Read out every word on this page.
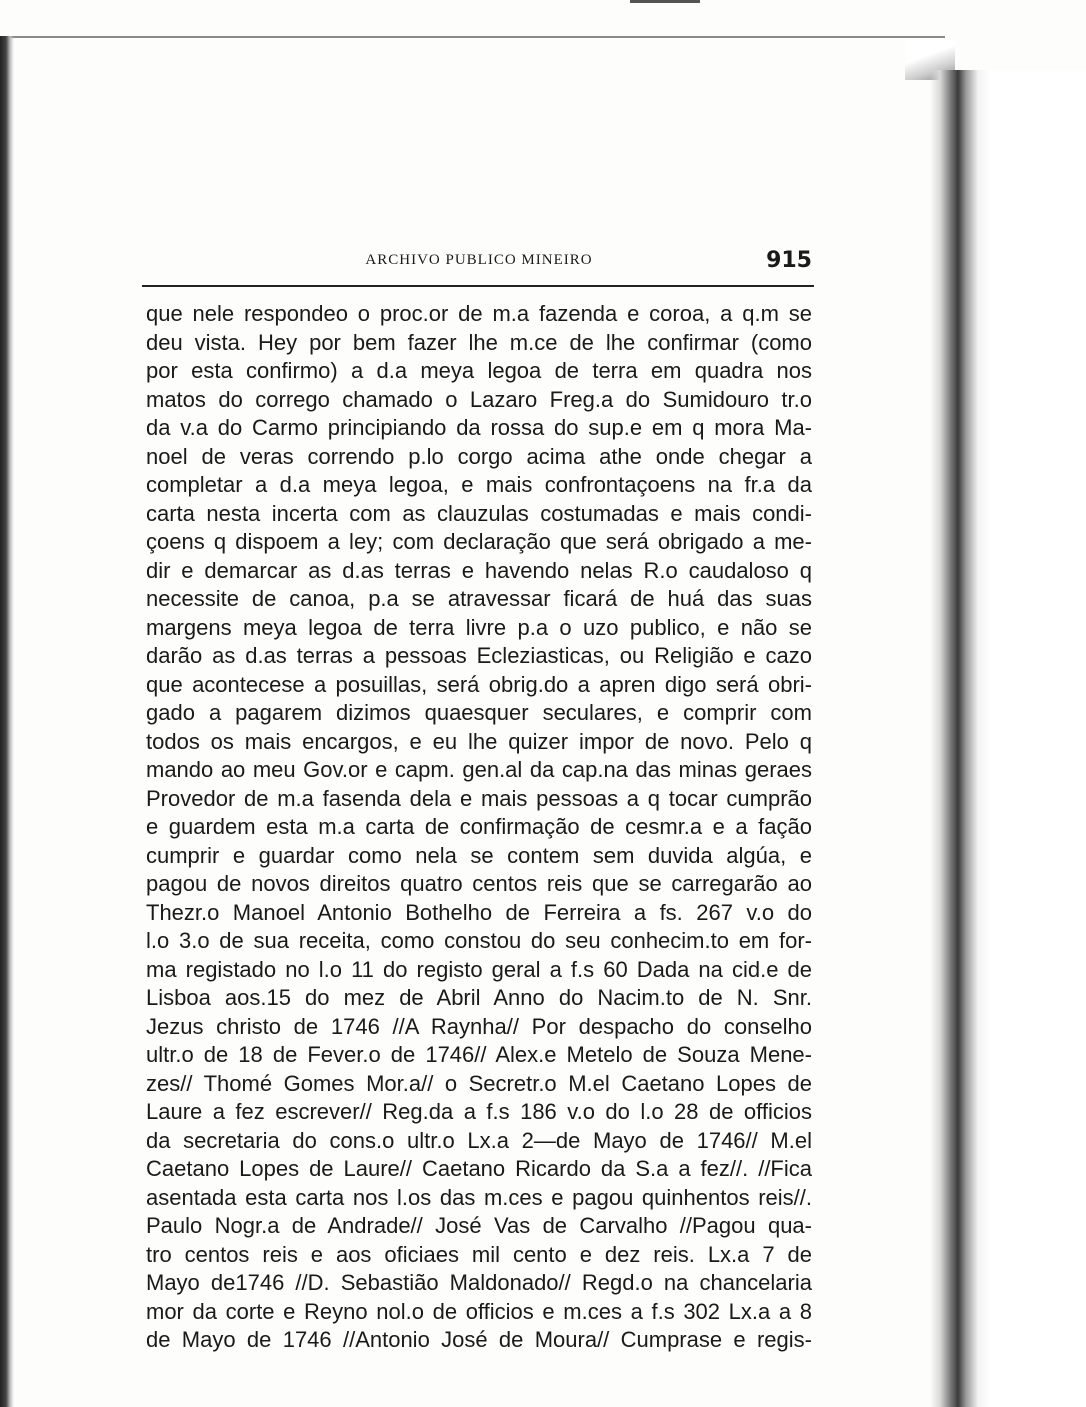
ARCHIVO PUBLICO MINEIRO	915
que nele respondeo o proc.or de m.a fazenda e coroa, a q.m se
deu vista. Hey por bem fazer lhe m.ce de lhe confirmar (como
por esta confirmo) a d.a meya legoa de terra em quadra nos
matos do corrego chamado o Lazaro Freg.a do Sumidouro tr.o
da v.a do Carmo principiando da rossa do sup.e em q mora Ma-
noel de veras correndo p.lo corgo acima athe onde chegar a
completar a d.a meya legoa, e mais confrontaçoens na fr.a da
carta nesta incerta com as clauzulas costumadas e mais condi-
çoens q dispoem a ley; com declaração que será obrigado a me-
dir e demarcar as d.as terras e havendo nelas R.o caudaloso q
necessite de canoa, p.a se atravessar ficará de huá das suas
margens meya legoa de terra livre p.a o uzo publico, e não se
darão as d.as terras a pessoas Ecleziasticas, ou Religião e cazo
que acontecese a posuillas, será obrig.do a apren digo será obri-
gado a pagarem dizimos quaesquer seculares, e comprir com
todos os mais encargos, e eu lhe quizer impor de novo. Pelo q
mando ao meu Gov.or e capm. gen.al da cap.na das minas geraes
Provedor de m.a fasenda dela e mais pessoas a q tocar cumprão
e guardem esta m.a carta de confirmação de cesmr.a e a fação
cumprir e guardar como nela se contem sem duvida algúa, e
pagou de novos direitos quatro centos reis que se carregarão ao
Thezr.o Manoel Antonio Bothelho de Ferreira a fs. 267 v.o do
l.o 3.o de sua receita, como constou do seu conhecim.to em for-
ma registado no l.o 11 do registo geral a f.s 60 Dada na cid.e de
Lisboa aos.15 do mez de Abril Anno do Nacim.to de N. Snr.
Jezus christo de 1746 //A Raynha// Por despacho do conselho
ultr.o de 18 de Fever.o de 1746// Alex.e Metelo de Souza Mene-
zes// Thomé Gomes Mor.a// o Secretr.o M.el Caetano Lopes de
Laure a fez escrever// Reg.da a f.s 186 v.o do l.o 28 de officios
da secretaria do cons.o ultr.o Lx.a 2—de Mayo de 1746// M.el
Caetano Lopes de Laure// Caetano Ricardo da S.a a fez//. //Fica
asentada esta carta nos l.os das m.ces e pagou quinhentos reis//.
Paulo Nogr.a de Andrade// José Vas de Carvalho //Pagou qua-
tro centos reis e aos oficiaes mil cento e dez reis. Lx.a 7 de
Mayo de1746 //D. Sebastião Maldonado// Regd.o na chancelaria
mor da corte e Reyno nol.o de officios e m.ces a f.s 302 Lx.a a 8
de Mayo de 1746 //Antonio José de Moura// Cumprase e regis-
